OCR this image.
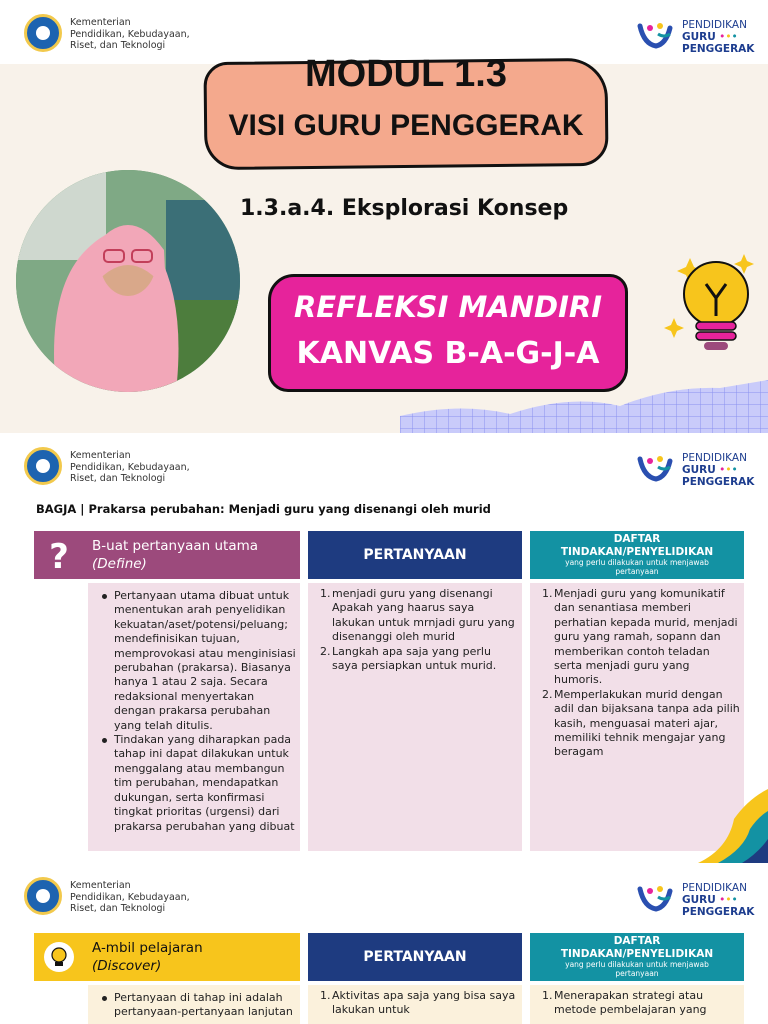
Kementerian
Pendidikan, Kebudayaan,
Riset, dan Teknologi
PENDIDIKAN
GURU •••
PENGGERAK
MODUL 1.3
VISI GURU PENGGERAK
1.3.a.4. Eksplorasi Konsep
REFLEKSI MANDIRI
KANVAS B-A-G-J-A
Kementerian
Pendidikan, Kebudayaan,
Riset, dan Teknologi
PENDIDIKAN
GURU •••
PENGGERAK
BAGJA | Prakarsa perubahan: Menjadi guru yang disenangi oleh murid
? B-uat pertanyaan utama
(Define)
PERTANYAAN
DAFTAR
TINDAKAN/PENYELIDIKAN
yang perlu dilakukan untuk menjawab pertanyaan
Pertanyaan utama dibuat untuk menentukan arah penyelidikan kekuatan/aset/potensi/peluang; mendefinisikan tujuan, memprovokasi atau menginisiasi perubahan (prakarsa). Biasanya hanya 1 atau 2 saja. Secara redaksional menyertakan dengan prakarsa perubahan yang telah ditulis.
Tindakan yang diharapkan pada tahap ini dapat dilakukan untuk menggalang atau membangun tim perubahan, mendapatkan dukungan, serta konfirmasi tingkat prioritas (urgensi) dari prakarsa perubahan yang dibuat
1. menjadi guru yang disenangi Apakah yang haarus saya lakukan untuk mrnjadi guru yang disenanggi oleh murid
2. Langkah apa saja yang perlu saya persiapkan untuk murid.
1. Menjadi guru yang komunikatif dan senantiasa memberi perhatian kepada murid, menjadi guru yang ramah, sopann dan memberikan contoh teladan serta menjadi guru yang humoris.
2. Memperlakukan murid dengan adil dan bijaksana tanpa ada pilih kasih, menguasai materi ajar, memiliki tehnik mengajar yang beragam
Kementerian
Pendidikan, Kebudayaan,
Riset, dan Teknologi
PENDIDIKAN
GURU •••
PENGGERAK
A-mbil pelajaran
(Discover)
PERTANYAAN
DAFTAR
TINDAKAN/PENYELIDIKAN
yang perlu dilakukan untuk menjawab pertanyaan
Pertanyaan di tahap ini adalah pertanyaan-pertanyaan lanjutan
1. Aktivitas apa saja yang bisa saya lakukan untuk
1. Menerapakan strategi atau metode pembelajaran yang
